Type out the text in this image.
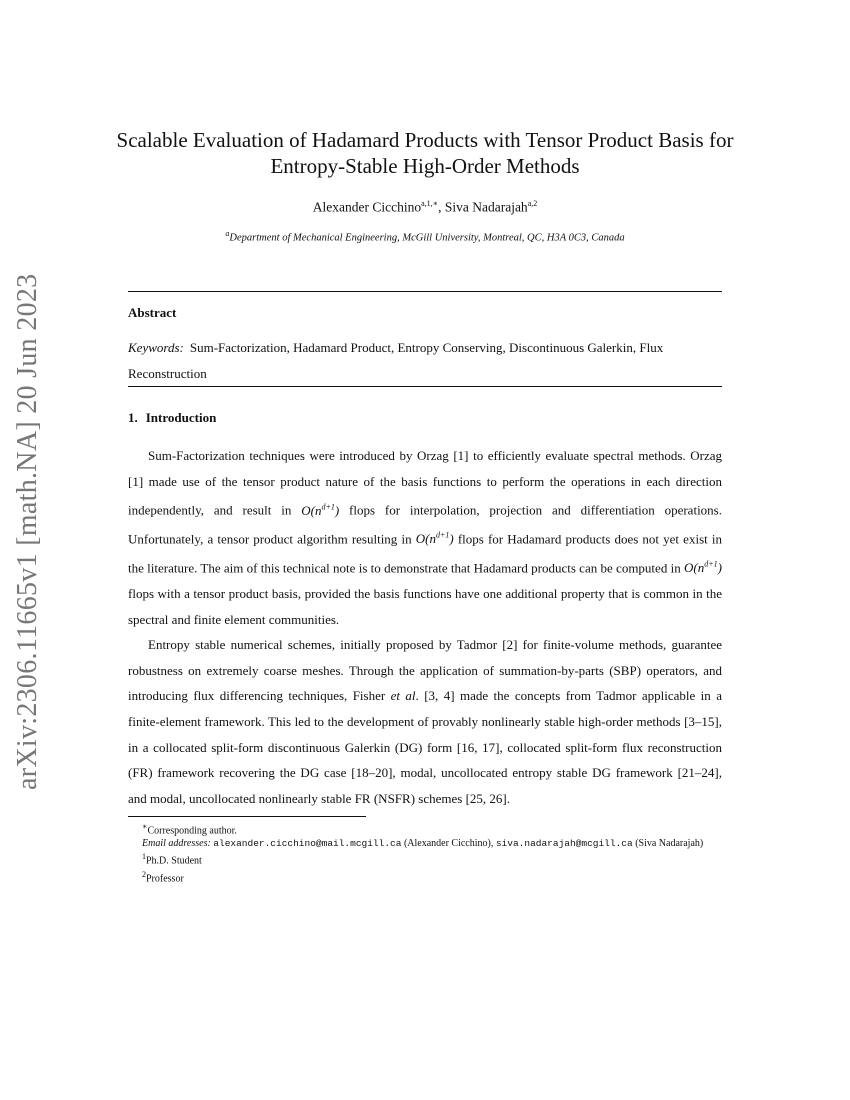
arXiv:2306.11665v1 [math.NA] 20 Jun 2023
Scalable Evaluation of Hadamard Products with Tensor Product Basis for
Entropy-Stable High-Order Methods
Alexander Cicchino$^{a,1,∗}$, Siva Nadarajah$^{a,2}$
$^a$Department of Mechanical Engineering, McGill University, Montreal, QC, H3A 0C3, Canada
Abstract
Keywords: Sum-Factorization, Hadamard Product, Entropy Conserving, Discontinuous Galerkin, Flux Reconstruction
1. Introduction

Sum-Factorization techniques were introduced by Orzag [1] to efficiently evaluate spectral methods. Orzag [1] made use of the tensor product nature of the basis functions to perform the operations in each direction independently, and result in $O(n^{d+1})$ flops for interpolation, projection and differentiation operations. Unfortunately, a tensor product algorithm resulting in $O(n^{d+1})$ flops for Hadamard products does not yet exist in the literature. The aim of this technical note is to demonstrate that Hadamard products can be computed in $O(n^{d+1})$ flops with a tensor product basis, provided the basis functions have one additional property that is common in the spectral and finite element communities.

Entropy stable numerical schemes, initially proposed by Tadmor [2] for finite-volume methods, guarantee robustness on extremely coarse meshes. Through the application of summation-by-parts (SBP) operators, and introducing flux differencing techniques, Fisher et al. [3, 4] made the concepts from Tadmor applicable in a finite-element framework. This led to the development of provably nonlinearly stable high-order methods [3–15], in a collocated split-form discontinuous Galerkin (DG) form [16, 17], collocated split-form flux reconstruction (FR) framework recovering the DG case [18–20], modal, uncollocated entropy stable DG framework [21–24], and modal, uncollocated nonlinearly stable FR (NSFR) schemes [25, 26].

∗Corresponding author.

Email addresses: alexander.cicchino@mail.mcgill.ca (Alexander Cicchino), siva.nadarajah@mcgill.ca (Siva Nadarajah)

$^1$Ph.D. Student

$^2$Professor
